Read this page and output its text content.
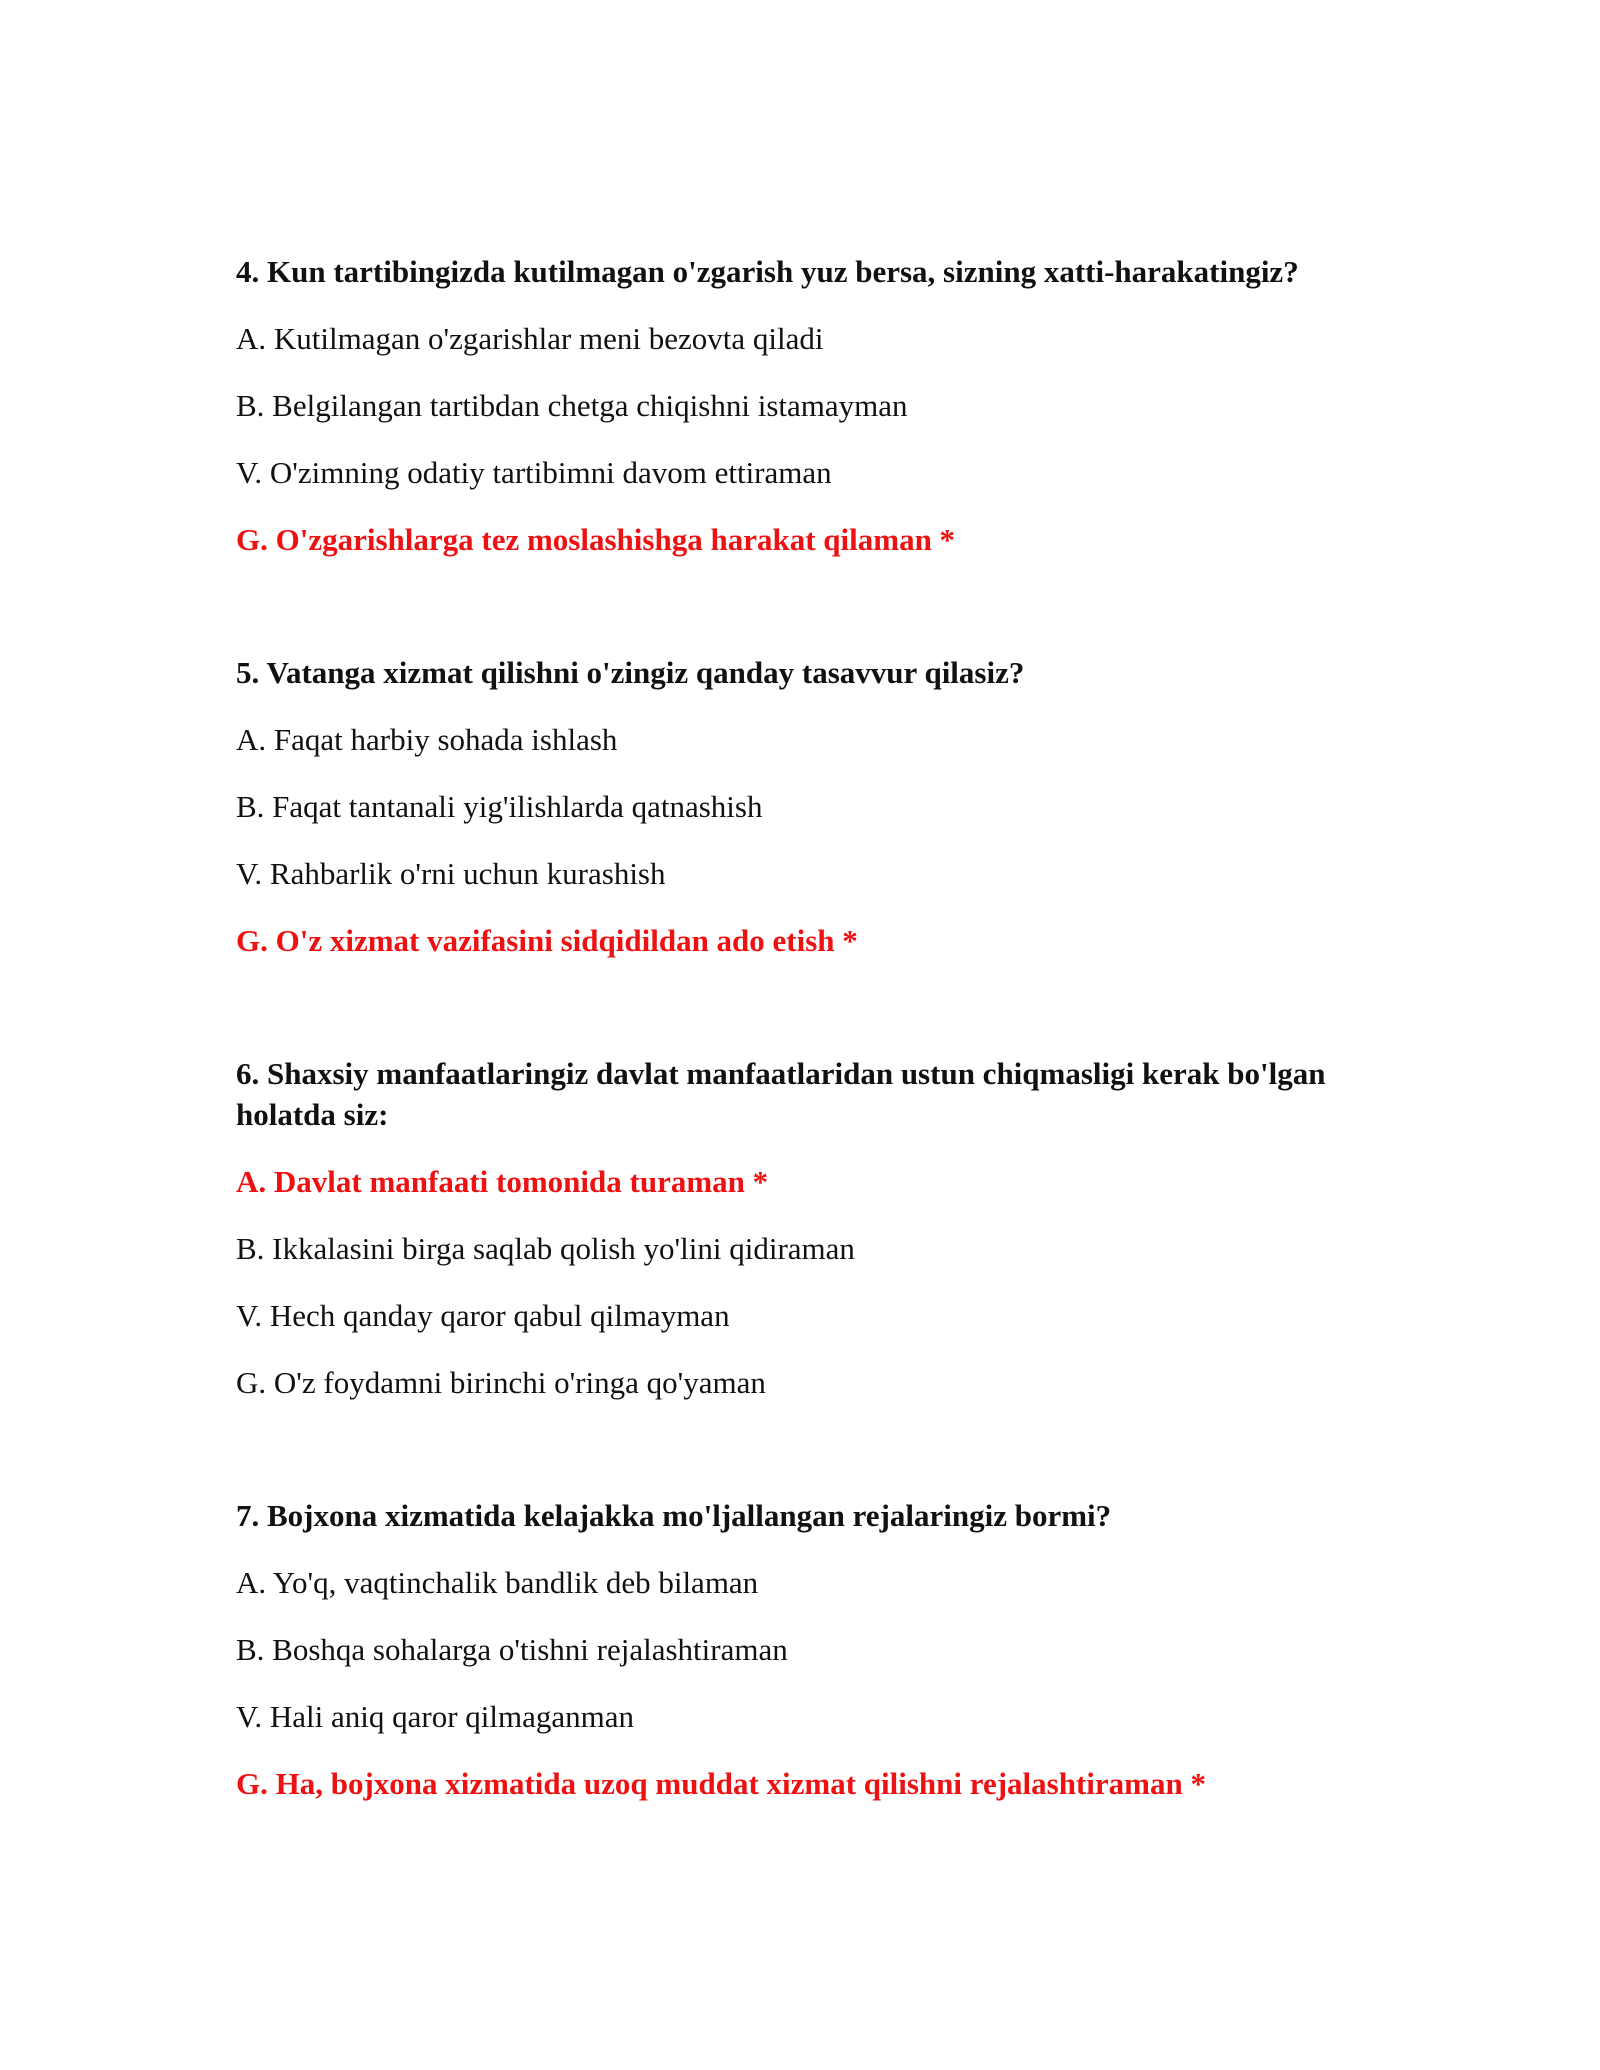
4. Kun tartibingizda kutilmagan o'zgarish yuz bersa, sizning xatti-harakatingiz?

A. Kutilmagan o'zgarishlar meni bezovta qiladi

B. Belgilangan tartibdan chetga chiqishni istamayman

V. O'zimning odatiy tartibimni davom ettiraman

G. O'zgarishlarga tez moslashishga harakat qilaman *

5. Vatanga xizmat qilishni o'zingiz qanday tasavvur qilasiz?

A. Faqat harbiy sohada ishlash

B. Faqat tantanali yig'ilishlarda qatnashish

V. Rahbarlik o'rni uchun kurashish

G. O'z xizmat vazifasini sidqidildan ado etish *

6. Shaxsiy manfaatlaringiz davlat manfaatlaridan ustun chiqmasligi kerak bo'lgan holatda siz:

A. Davlat manfaati tomonida turaman *

B. Ikkalasini birga saqlab qolish yo'lini qidiraman

V. Hech qanday qaror qabul qilmayman

G. O'z foydamni birinchi o'ringa qo'yaman

7. Bojxona xizmatida kelajakka mo'ljallangan rejalaringiz bormi?

A. Yo'q, vaqtinchalik bandlik deb bilaman

B. Boshqa sohalarga o'tishni rejalashtiraman

V. Hali aniq qaror qilmaganman

G. Ha, bojxona xizmatida uzoq muddat xizmat qilishni rejalashtiraman *
